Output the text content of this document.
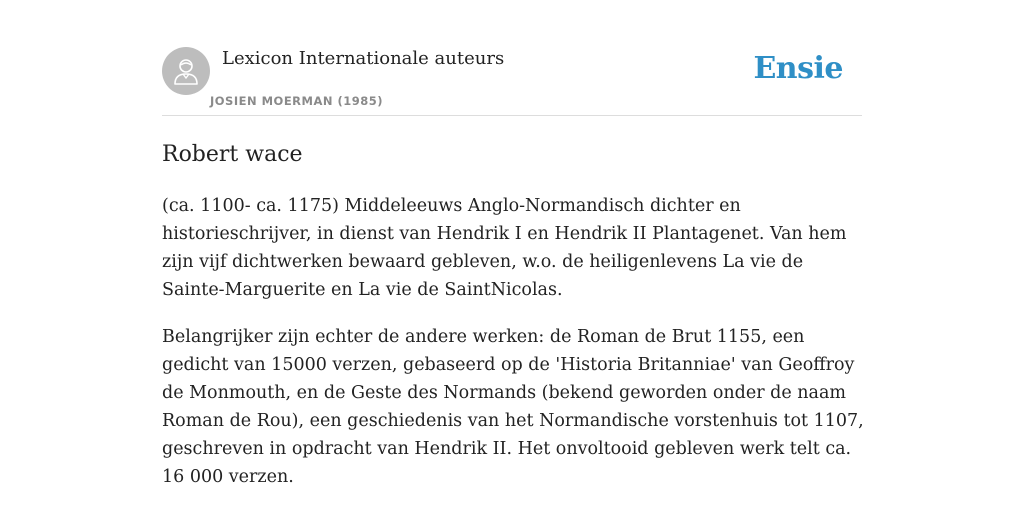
Lexicon Internationale auteurs
JOSIEN MOERMAN (1985)
Ensie
Robert wace

(ca. 1100- ca. 1175) Middeleeuws Anglo-Normandisch dichter en historieschrijver, in dienst van Hendrik I en Hendrik II Plantagenet. Van hem zijn vijf dichtwerken bewaard gebleven, w.o. de heiligenlevens La vie de Sainte-Marguerite en La vie de SaintNicolas.

Belangrijker zijn echter de andere werken: de Roman de Brut 1155, een gedicht van 15000 verzen, gebaseerd op de 'Historia Britanniae' van Geoffroy de Monmouth, en de Geste des Normands (bekend geworden onder de naam Roman de Rou), een geschiedenis van het Normandische vorstenhuis tot 1107, geschreven in opdracht van Hendrik II. Het onvoltooid gebleven werk telt ca. 16 000 verzen.
